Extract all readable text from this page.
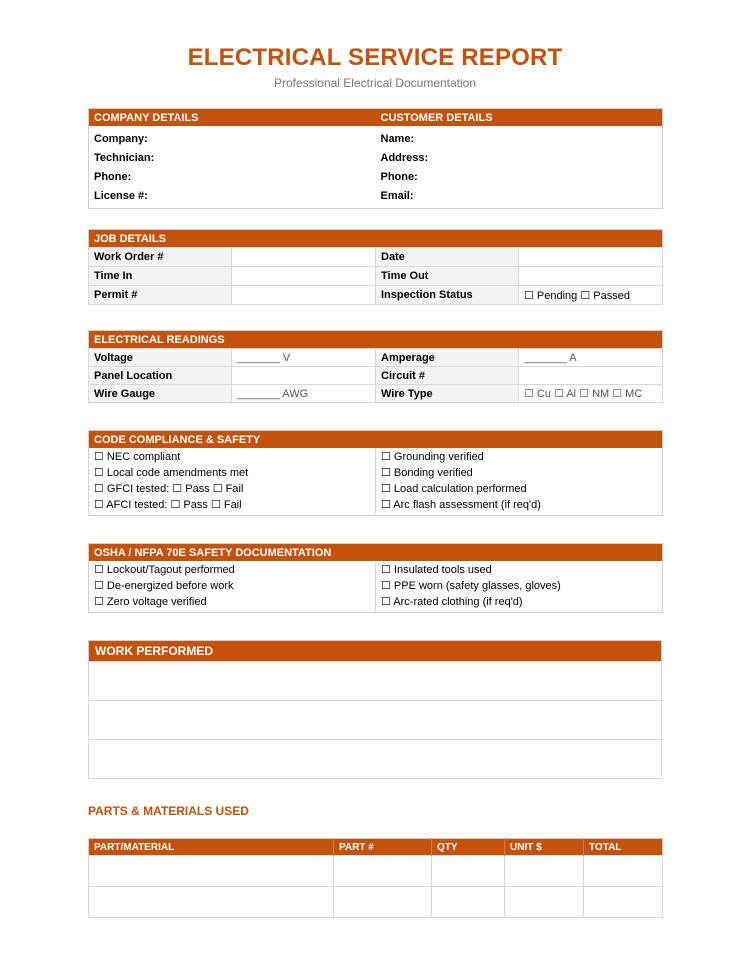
ELECTRICAL SERVICE REPORT
Professional Electrical Documentation
COMPANY DETAILS	CUSTOMER DETAILS

Company:	Name:
Technician:	Address:
Phone:	Phone:
License #:	Email:

JOB DETAILS			
Work Order #		Date	
Time In		Time Out	
Permit #		Inspection Status	☐ Pending ☐ Passed
ELECTRICAL READINGS			
Voltage	_______ V	Amperage	_______ A
Panel Location		Circuit #	
Wire Gauge	_______ AWG	Wire Type	☐ Cu ☐ Al ☐ NM ☐ MC
CODE COMPLIANCE & SAFETY	
☐ NEC compliant	☐ Grounding verified
☐ Local code amendments met	☐ Bonding verified
☐ GFCI tested: ☐ Pass ☐ Fail	☐ Load calculation performed
☐ AFCI tested: ☐ Pass ☐ Fail	☐ Arc flash assessment (if req'd)

OSHA / NFPA 70E SAFETY DOCUMENTATION	
☐ Lockout/Tagout performed	☐ Insulated tools used
☐ De-energized before work	☐ PPE worn (safety glasses, gloves)
☐ Zero voltage verified	☐ Arc-rated clothing (if req'd)

WORK PERFORMED

PARTS & MATERIALS USED
PART/MATERIAL	PART #	QTY	UNIT $	TOTAL
